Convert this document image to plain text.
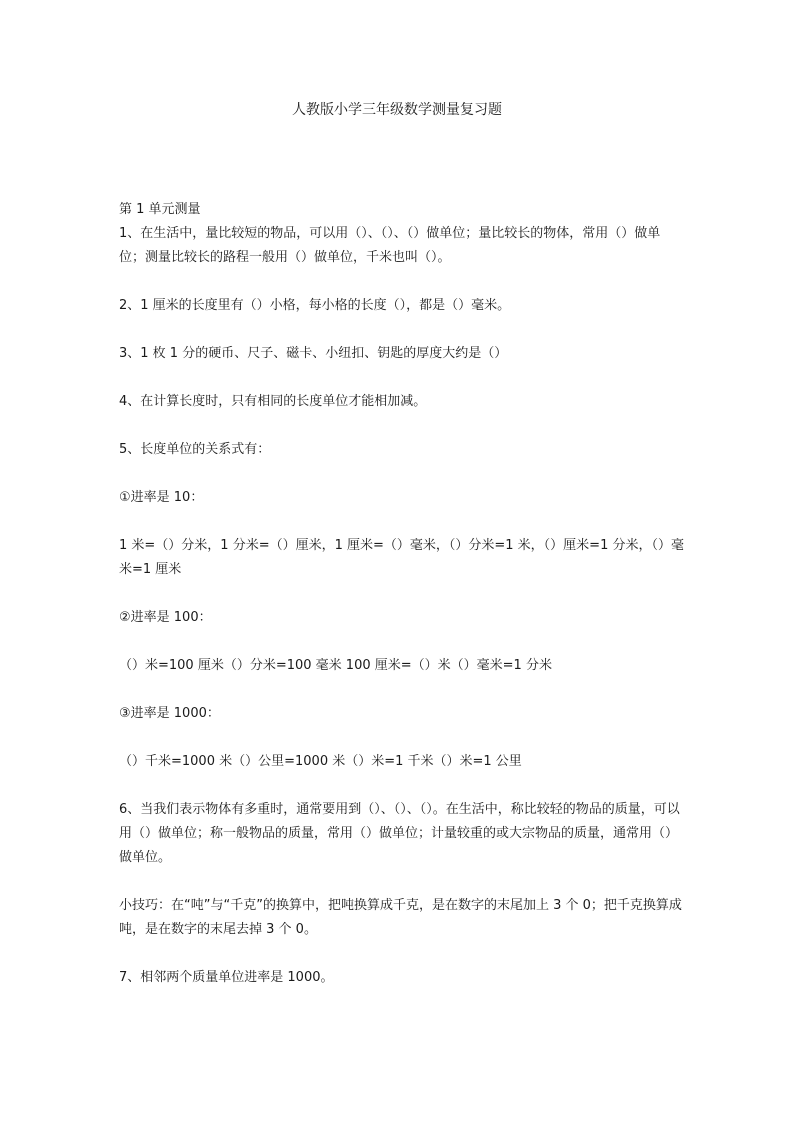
人教版小学三年级数学测量复习题

第 1 单元测量

1、在生活中，量比较短的物品，可以用（）、（）、（）做单位；量比较长的物体，常用（）做单位；测量比较长的路程一般用（）做单位，千米也叫（）。

2、1 厘米的长度里有（）小格，每小格的长度（），都是（）毫米。

3、1 枚 1 分的硬币、尺子、磁卡、小纽扣、钥匙的厚度大约是（）

4、在计算长度时，只有相同的长度单位才能相加减。

5、长度单位的关系式有：

①进率是 10：

1 米=（）分米，1 分米=（）厘米，1 厘米=（）毫米，（）分米=1 米，（）厘米=1 分米，（）毫米=1 厘米

②进率是 100：

（）米=100 厘米（）分米=100 毫米 100 厘米=（）米（）毫米=1 分米

③进率是 1000：

（）千米=1000 米（）公里=1000 米（）米=1 千米（）米=1 公里

6、当我们表示物体有多重时，通常要用到（）、（）、（）。在生活中，称比较轻的物品的质量，可以用（）做单位；称一般物品的质量，常用（）做单位；计量较重的或大宗物品的质量，通常用（）做单位。

小技巧：在“吨”与“千克”的换算中，把吨换算成千克，是在数字的末尾加上 3 个 0；把千克换算成吨，是在数字的末尾去掉 3 个 0。

7、相邻两个质量单位进率是 1000。
